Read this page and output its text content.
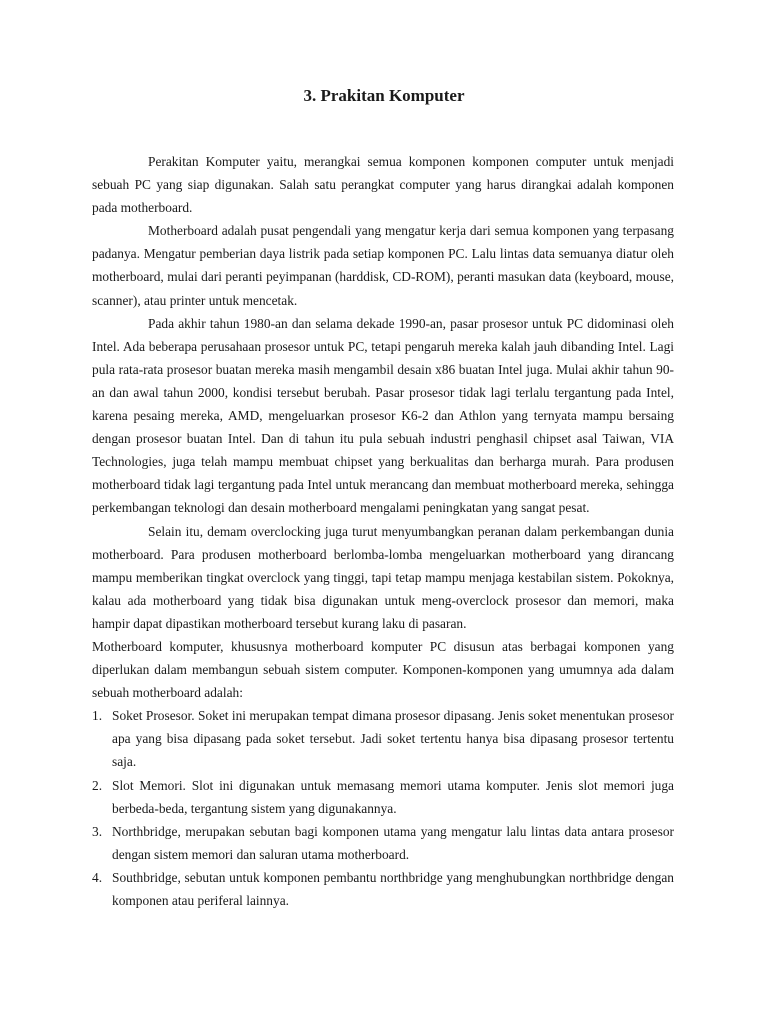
3. Prakitan Komputer

Perakitan Komputer yaitu, merangkai semua komponen komponen computer untuk menjadi sebuah PC yang siap digunakan. Salah satu perangkat computer yang harus dirangkai adalah komponen pada motherboard.

Motherboard adalah pusat pengendali yang mengatur kerja dari semua komponen yang terpasang padanya. Mengatur pemberian daya listrik pada setiap komponen PC. Lalu lintas data semuanya diatur oleh motherboard, mulai dari peranti peyimpanan (harddisk, CD-ROM), peranti masukan data (keyboard, mouse, scanner), atau printer untuk mencetak.

Pada akhir tahun 1980-an dan selama dekade 1990-an, pasar prosesor untuk PC didominasi oleh Intel. Ada beberapa perusahaan prosesor untuk PC, tetapi pengaruh mereka kalah jauh dibanding Intel. Lagi pula rata-rata prosesor buatan mereka masih mengambil desain x86 buatan Intel juga. Mulai akhir tahun 90-an dan awal tahun 2000, kondisi tersebut berubah. Pasar prosesor tidak lagi terlalu tergantung pada Intel, karena pesaing mereka, AMD, mengeluarkan prosesor K6-2 dan Athlon yang ternyata mampu bersaing dengan prosesor buatan Intel. Dan di tahun itu pula sebuah industri penghasil chipset asal Taiwan, VIA Technologies, juga telah mampu membuat chipset yang berkualitas dan berharga murah. Para produsen motherboard tidak lagi tergantung pada Intel untuk merancang dan membuat motherboard mereka, sehingga perkembangan teknologi dan desain motherboard mengalami peningkatan yang sangat pesat.

Selain itu, demam overclocking juga turut menyumbangkan peranan dalam perkembangan dunia motherboard. Para produsen motherboard berlomba-lomba mengeluarkan motherboard yang dirancang mampu memberikan tingkat overclock yang tinggi, tapi tetap mampu menjaga kestabilan sistem. Pokoknya, kalau ada motherboard yang tidak bisa digunakan untuk meng-overclock prosesor dan memori, maka hampir dapat dipastikan motherboard tersebut kurang laku di pasaran.

Motherboard komputer, khususnya motherboard komputer PC disusun atas berbagai komponen yang diperlukan dalam membangun sebuah sistem computer. Komponen-komponen yang umumnya ada dalam sebuah motherboard adalah:

1. Soket Prosesor. Soket ini merupakan tempat dimana prosesor dipasang. Jenis soket menentukan prosesor apa yang bisa dipasang pada soket tersebut. Jadi soket tertentu hanya bisa dipasang prosesor tertentu saja.
2. Slot Memori. Slot ini digunakan untuk memasang memori utama komputer. Jenis slot memori juga berbeda-beda, tergantung sistem yang digunakannya.
3. Northbridge, merupakan sebutan bagi komponen utama yang mengatur lalu lintas data antara prosesor dengan sistem memori dan saluran utama motherboard.
4. Southbridge, sebutan untuk komponen pembantu northbridge yang menghubungkan northbridge dengan komponen atau periferal lainnya.
